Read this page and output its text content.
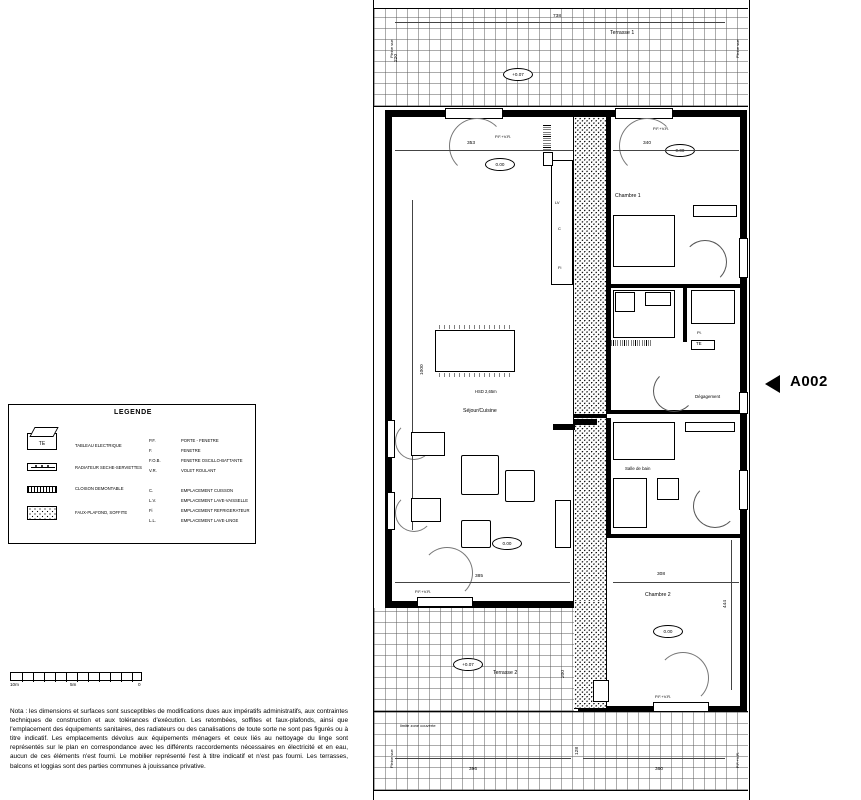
LEGENDE
TE	TABLEAU ELECTRIQUE
RADIATEUR SECHE-SERVIETTES
CLOISON DEMONTABLE
FAUX-PLAFOND, SOFFITE
P.F.	PORTE - FENETRE
F.	FENETRE
F.O.B.	FENETRE OSCILLO-BATTANTE
V.R.	VOLET ROULANT
C.	EMPLACEMENT CUISSON
L.V.	EMPLACEMENT LAVE-VAISSELLE
Fi	EMPLACEMENT REFRIGERATEUR
L.L.	EMPLACEMENT LAVE-LINGE
10m	5m	0
Nota : les dimensions et surfaces sont susceptibles de modifications dues aux impératifs administratifs, aux contraintes techniques de construction et aux tolérances d'exécution. Les retombées, soffites et faux-plafonds, ainsi que l'emplacement des équipements sanitaires, des radiateurs ou des canalisations de toute sorte ne sont pas figurés ou à titre indicatif. Les emplacements dévolus aux équipements ménagers et ceux liés au nettoyage du linge sont représentés sur le plan en correspondance avec les différents raccordements nécessaires en électricité et en eau, aucun de ces éléments n'est fourni. Le mobilier représenté l'est à titre indicatif et n'est pas fourni. Les terrasses, balcons et loggias sont des parties communes à jouissance privative.
A002
Terrasse 1
+0.07
220
738
Pleine vue	Pleine vue
P.F.+V.R.
P.F.+V.R.
P.F.+V.R.
P.F.+V.R.
Séjour/Cuisine
HSD 2,65m
0.00
0.00
1000
385
353
LV
C
Fi
Chambre 1
340
Pl.
TE
Dégagement
Salle de bain
Chambre 2
0.00
308
444
Terrasse 2
+0.07
200
limite zone couverte
396	360
128
Pleine vue	P.F.+V.R.
